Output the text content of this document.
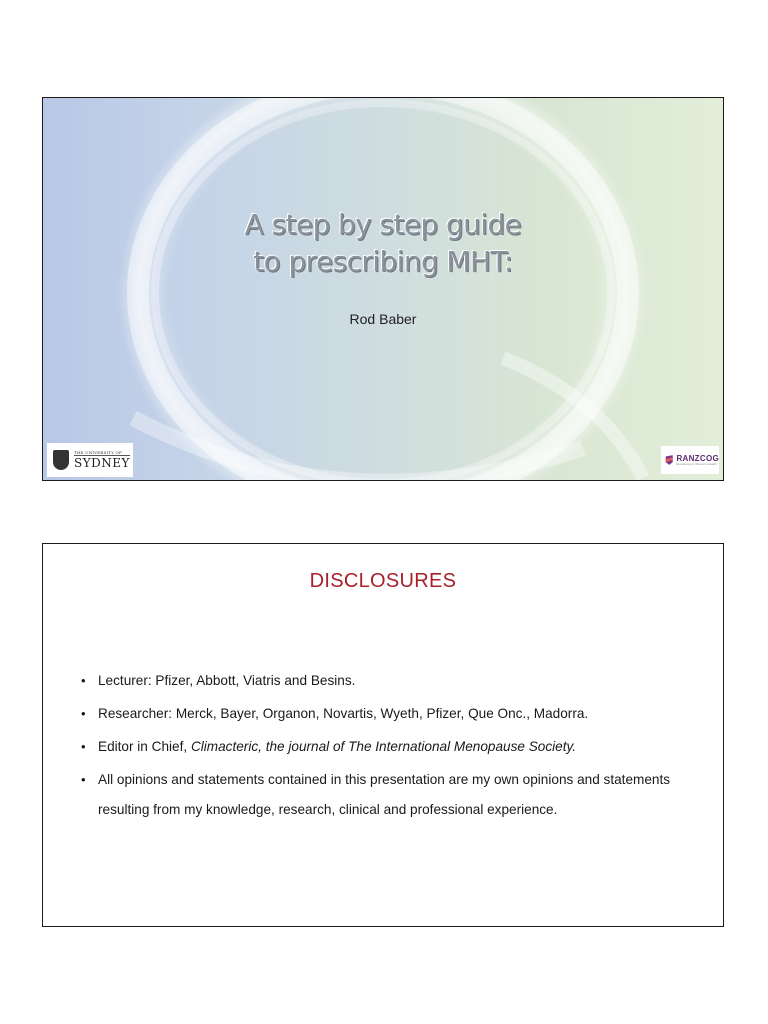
A step by step guide
to prescribing MHT:
Rod Baber
THE UNIVERSITY OF
SYDNEY	RANZCOG
Excellence in Women's Health
DISCLOSURES
• Lecturer: Pfizer, Abbott, Viatris and Besins.
• Researcher: Merck, Bayer, Organon, Novartis, Wyeth, Pfizer, Que Onc., Madorra.
• Editor in Chief, Climacteric, the journal of The International Menopause Society.
• All opinions and statements contained in this presentation are my own opinions and statements resulting from my knowledge, research, clinical and professional experience.
